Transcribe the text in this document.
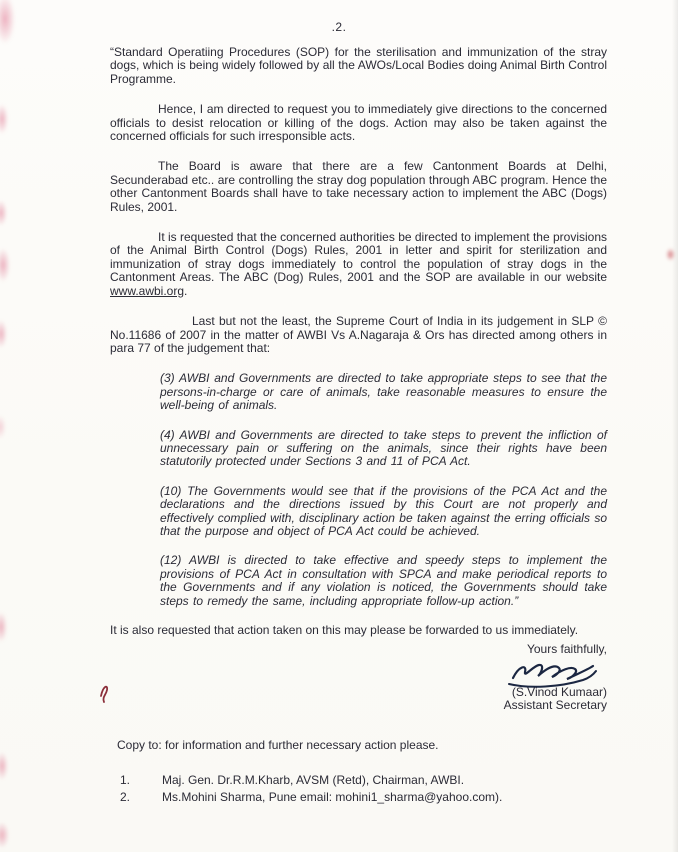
.2.

“Standard Operatiing Procedures (SOP) for the sterilisation and immunization of the stray dogs, which is being widely followed by all the AWOs/Local Bodies doing Animal Birth Control Programme.

Hence, I am directed to request you to immediately give directions to the concerned officials to desist relocation or killing of the dogs. Action may also be taken against the concerned officials for such irresponsible acts.

The Board is aware that there are a few Cantonment Boards at Delhi, Secunderabad etc.. are controlling the stray dog population through ABC program. Hence the other Cantonment Boards shall have to take necessary action to implement the ABC (Dogs) Rules, 2001.

It is requested that the concerned authorities be directed to implement the provisions of the Animal Birth Control (Dogs) Rules, 2001 in letter and spirit for sterilization and immunization of stray dogs immediately to control the population of stray dogs in the Cantonment Areas. The ABC (Dog) Rules, 2001 and the SOP are available in our website www.awbi.org.

Last but not the least, the Supreme Court of India in its judgement in SLP © No.11686 of 2007 in the matter of AWBI Vs A.Nagaraja & Ors has directed among others in para 77 of the judgement that:

(3) AWBI and Governments are directed to take appropriate steps to see that the persons-in-charge or care of animals, take reasonable measures to ensure the well-being of animals.

(4) AWBI and Governments are directed to take steps to prevent the infliction of unnecessary pain or suffering on the animals, since their rights have been statutorily protected under Sections 3 and 11 of PCA Act.

(10) The Governments would see that if the provisions of the PCA Act and the declarations and the directions issued by this Court are not properly and effectively complied with, disciplinary action be taken against the erring officials so that the purpose and object of PCA Act could be achieved.

(12) AWBI is directed to take effective and speedy steps to implement the provisions of PCA Act in consultation with SPCA and make periodical reports to the Governments and if any violation is noticed, the Governments should take steps to remedy the same, including appropriate follow-up action.”

It is also requested that action taken on this may please be forwarded to us immediately.

Yours faithfully,
(S.Vinod Kumaar)
Assistant Secretary

Copy to: for information and further necessary action please.

1.	Maj. Gen. Dr.R.M.Kharb, AVSM (Retd), Chairman, AWBI.
2.	Ms.Mohini Sharma, Pune email: mohini1_sharma@yahoo.com).
